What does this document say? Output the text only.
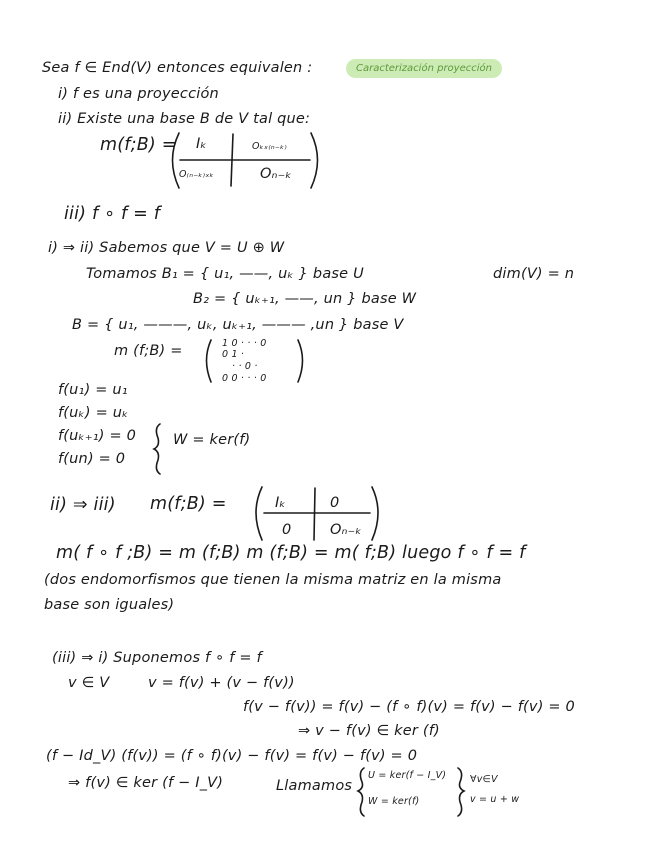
Caracterización proyección
Sea f ∈ End(V) entonces equivalen :
i) f es una proyección
ii) Existe una base B de V tal que:
m(f;B) = Iₖ	Oₖₓ₍ₙ₋ₖ₎
O₍ₙ₋ₖ₎ₓₖ	Oₙ₋ₖ
iii) f ∘ f = f
i) ⇒ ii) Sabemos que V = U ⊕ W
Tomamos B₁ = { u₁, ——, uₖ } base U	dim(V) = n
B₂ = { uₖ₊₁, ——, un } base W
B = { u₁, ———, uₖ, uₖ₊₁, ——— ,un } base V
m (f;B) =	1 0 · · · 0
0 1 ·
· · 0 ·
0 0 · · · 0
f(u₁) = u₁
f(uₖ) = uₖ
f(uₖ₊₁) = 0
f(un) = 0
W = ker(f)
ii) ⇒ iii) m(f;B) =	Iₖ	0
0	Oₙ₋ₖ
m( f ∘ f ;B) = m (f;B) m (f;B) = m( f;B) luego f ∘ f = f
(dos endomorfismos que tienen la misma matriz en la misma
base son iguales)
(iii) ⇒ i) Suponemos f ∘ f = f
v ∈ V	v = f(v) + (v − f(v))
f(v − f(v)) = f(v) − (f ∘ f)(v) = f(v) − f(v) = 0
⇒ v − f(v) ∈ ker (f)
(f − Id_V) (f(v)) = (f ∘ f)(v) − f(v) = f(v) − f(v) = 0
⇒ f(v) ∈ ker (f − I_V)	Llamamos
U = ker(f − I_V)
W = ker(f)
∀v∈V
v = u + w
